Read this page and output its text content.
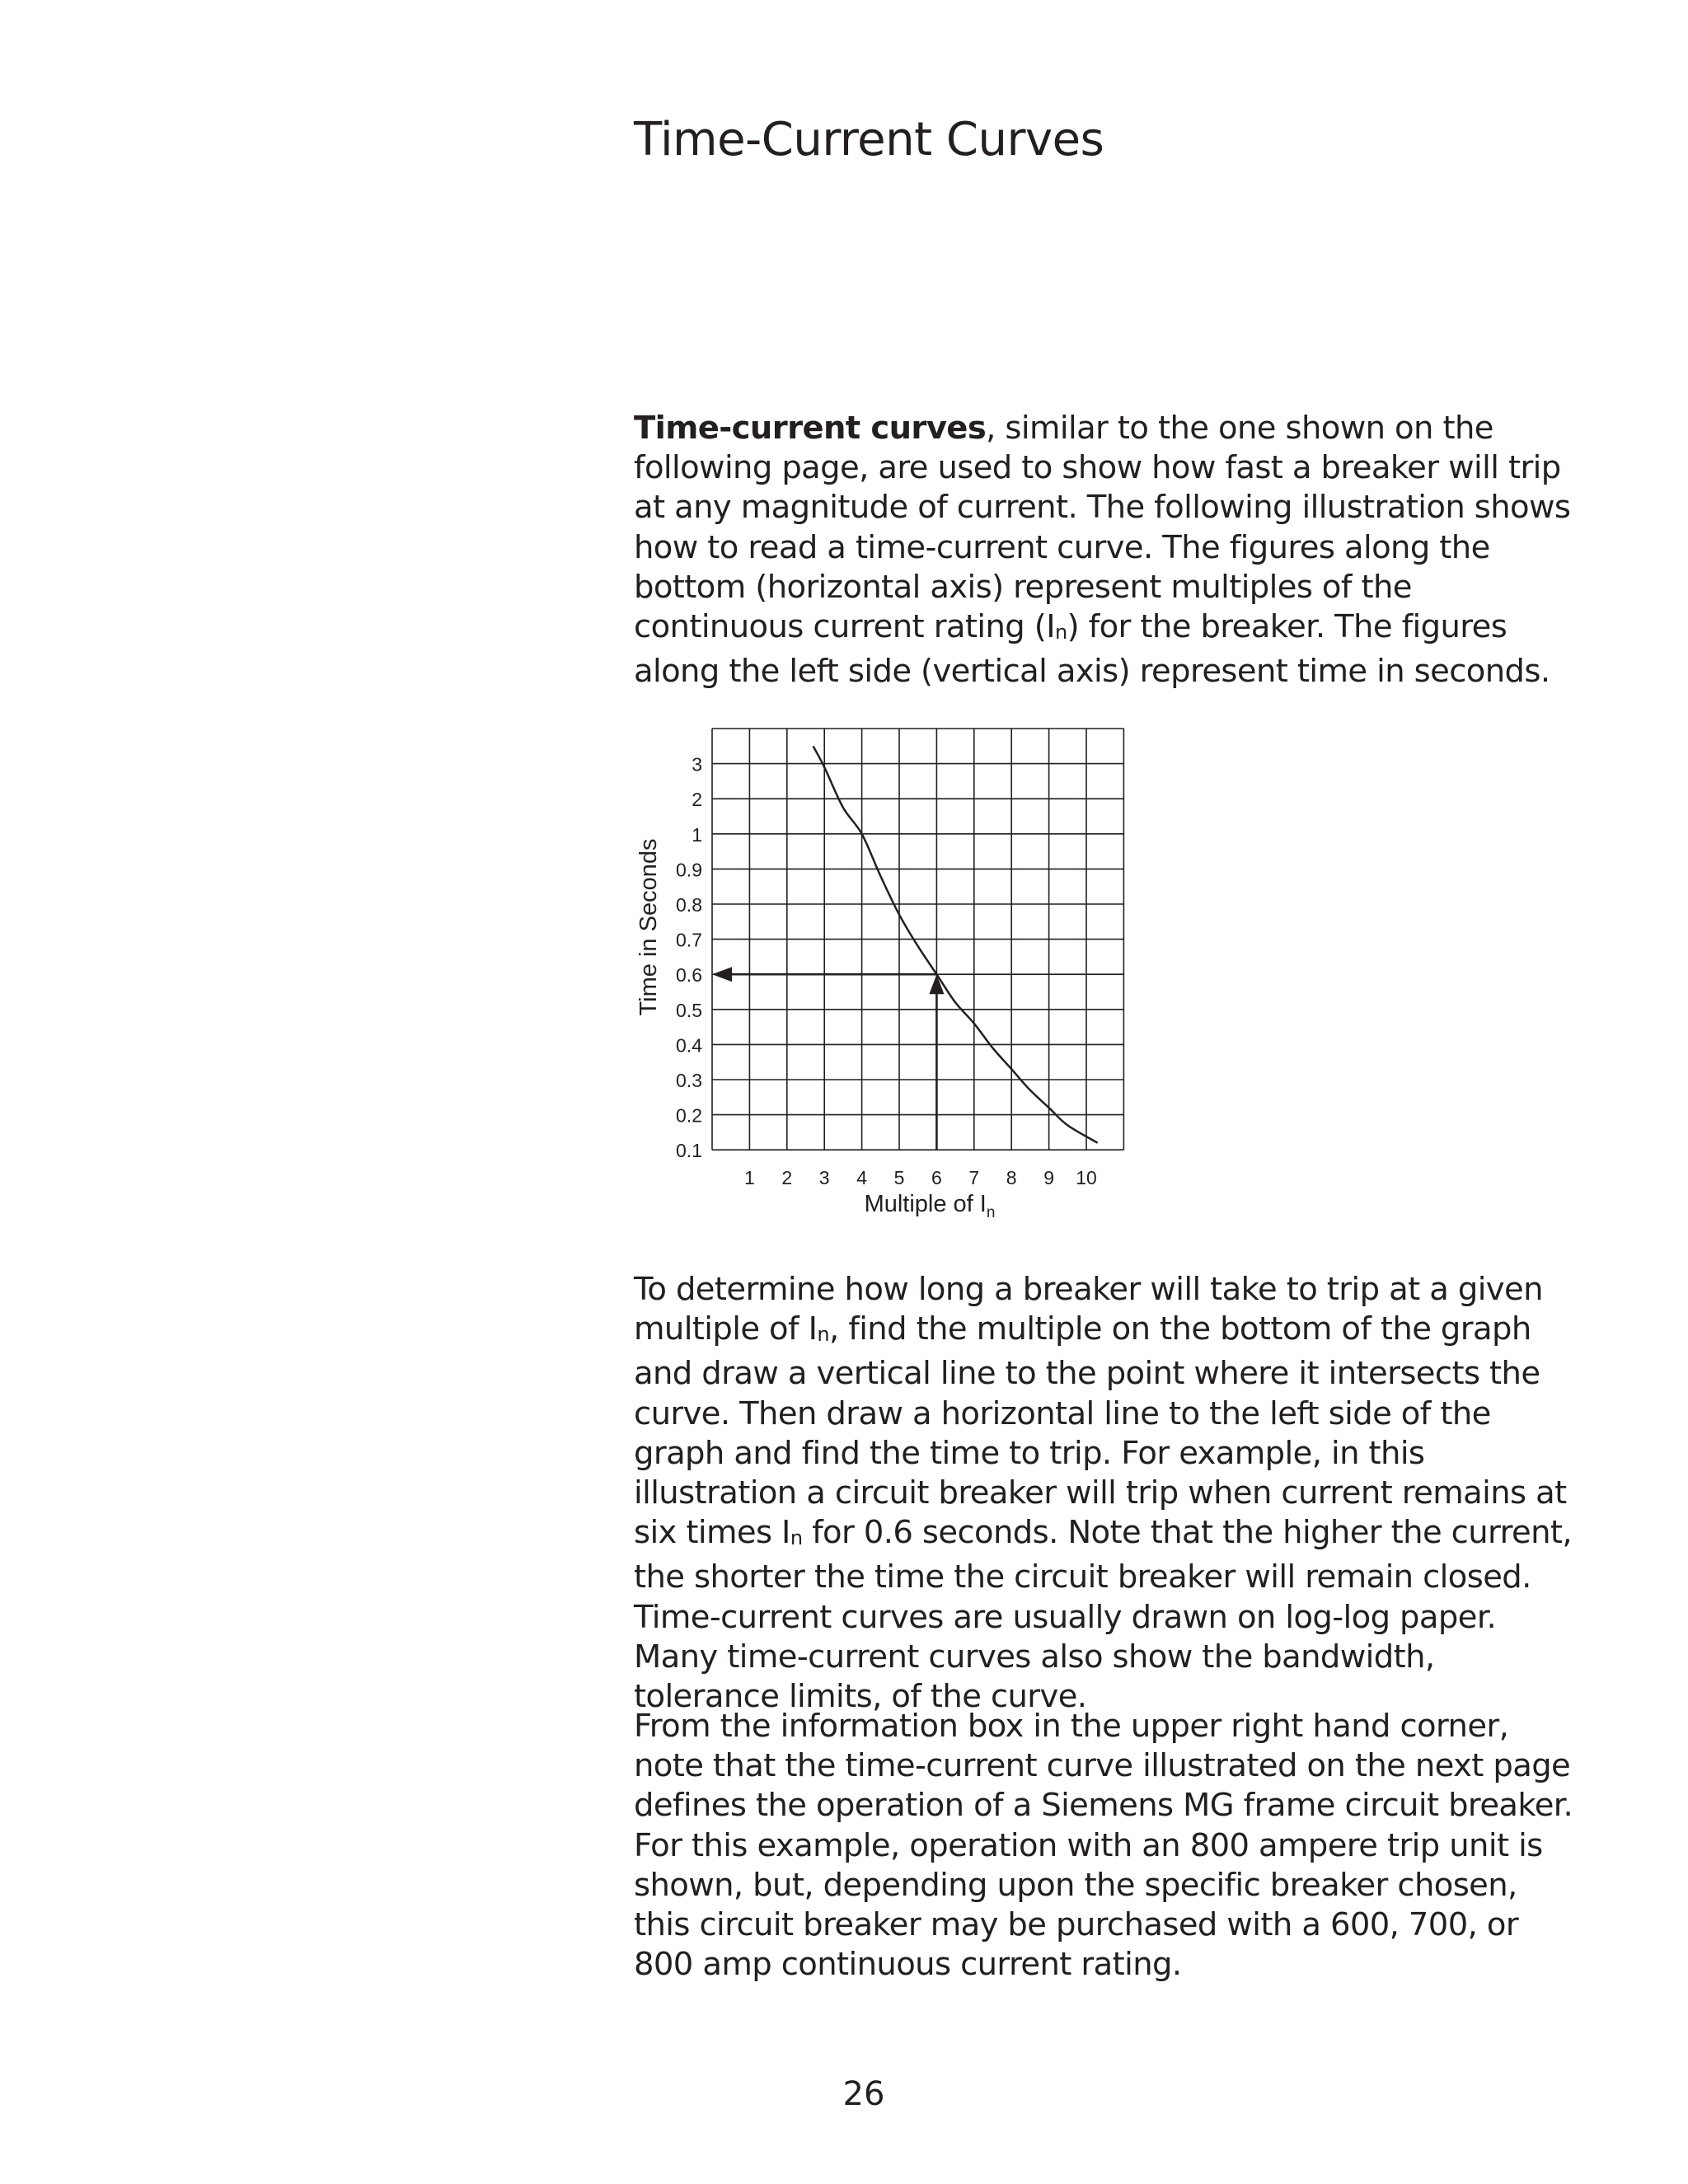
Time-Current Curves

Time-current curves, similar to the one shown on the following page, are used to show how fast a breaker will trip at any magnitude of current. The following illustration shows how to read a time-current curve. The figures along the bottom (horizontal axis) represent multiples of the continuous current rating (In) for the breaker. The figures along the left side (vertical axis) represent time in seconds.

0.1
0.2
0.3
0.4
0.5
0.6
0.7
0.8
0.9
1
2
3
1 2 3 4 5 6 7 8 9 10
Time in Seconds
Multiple of $I_n$

To determine how long a breaker will take to trip at a given multiple of In, find the multiple on the bottom of the graph and draw a vertical line to the point where it intersects the curve. Then draw a horizontal line to the left side of the graph and find the time to trip. For example, in this illustration a circuit breaker will trip when current remains at six times In for 0.6 seconds. Note that the higher the current, the shorter the time the circuit breaker will remain closed. Time-current curves are usually drawn on log-log paper. Many time-current curves also show the bandwidth, tolerance limits, of the curve.

From the information box in the upper right hand corner, note that the time-current curve illustrated on the next page defines the operation of a Siemens MG frame circuit breaker. For this example, operation with an 800 ampere trip unit is shown, but, depending upon the specific breaker chosen, this circuit breaker may be purchased with a 600, 700, or 800 amp continuous current rating.

26
